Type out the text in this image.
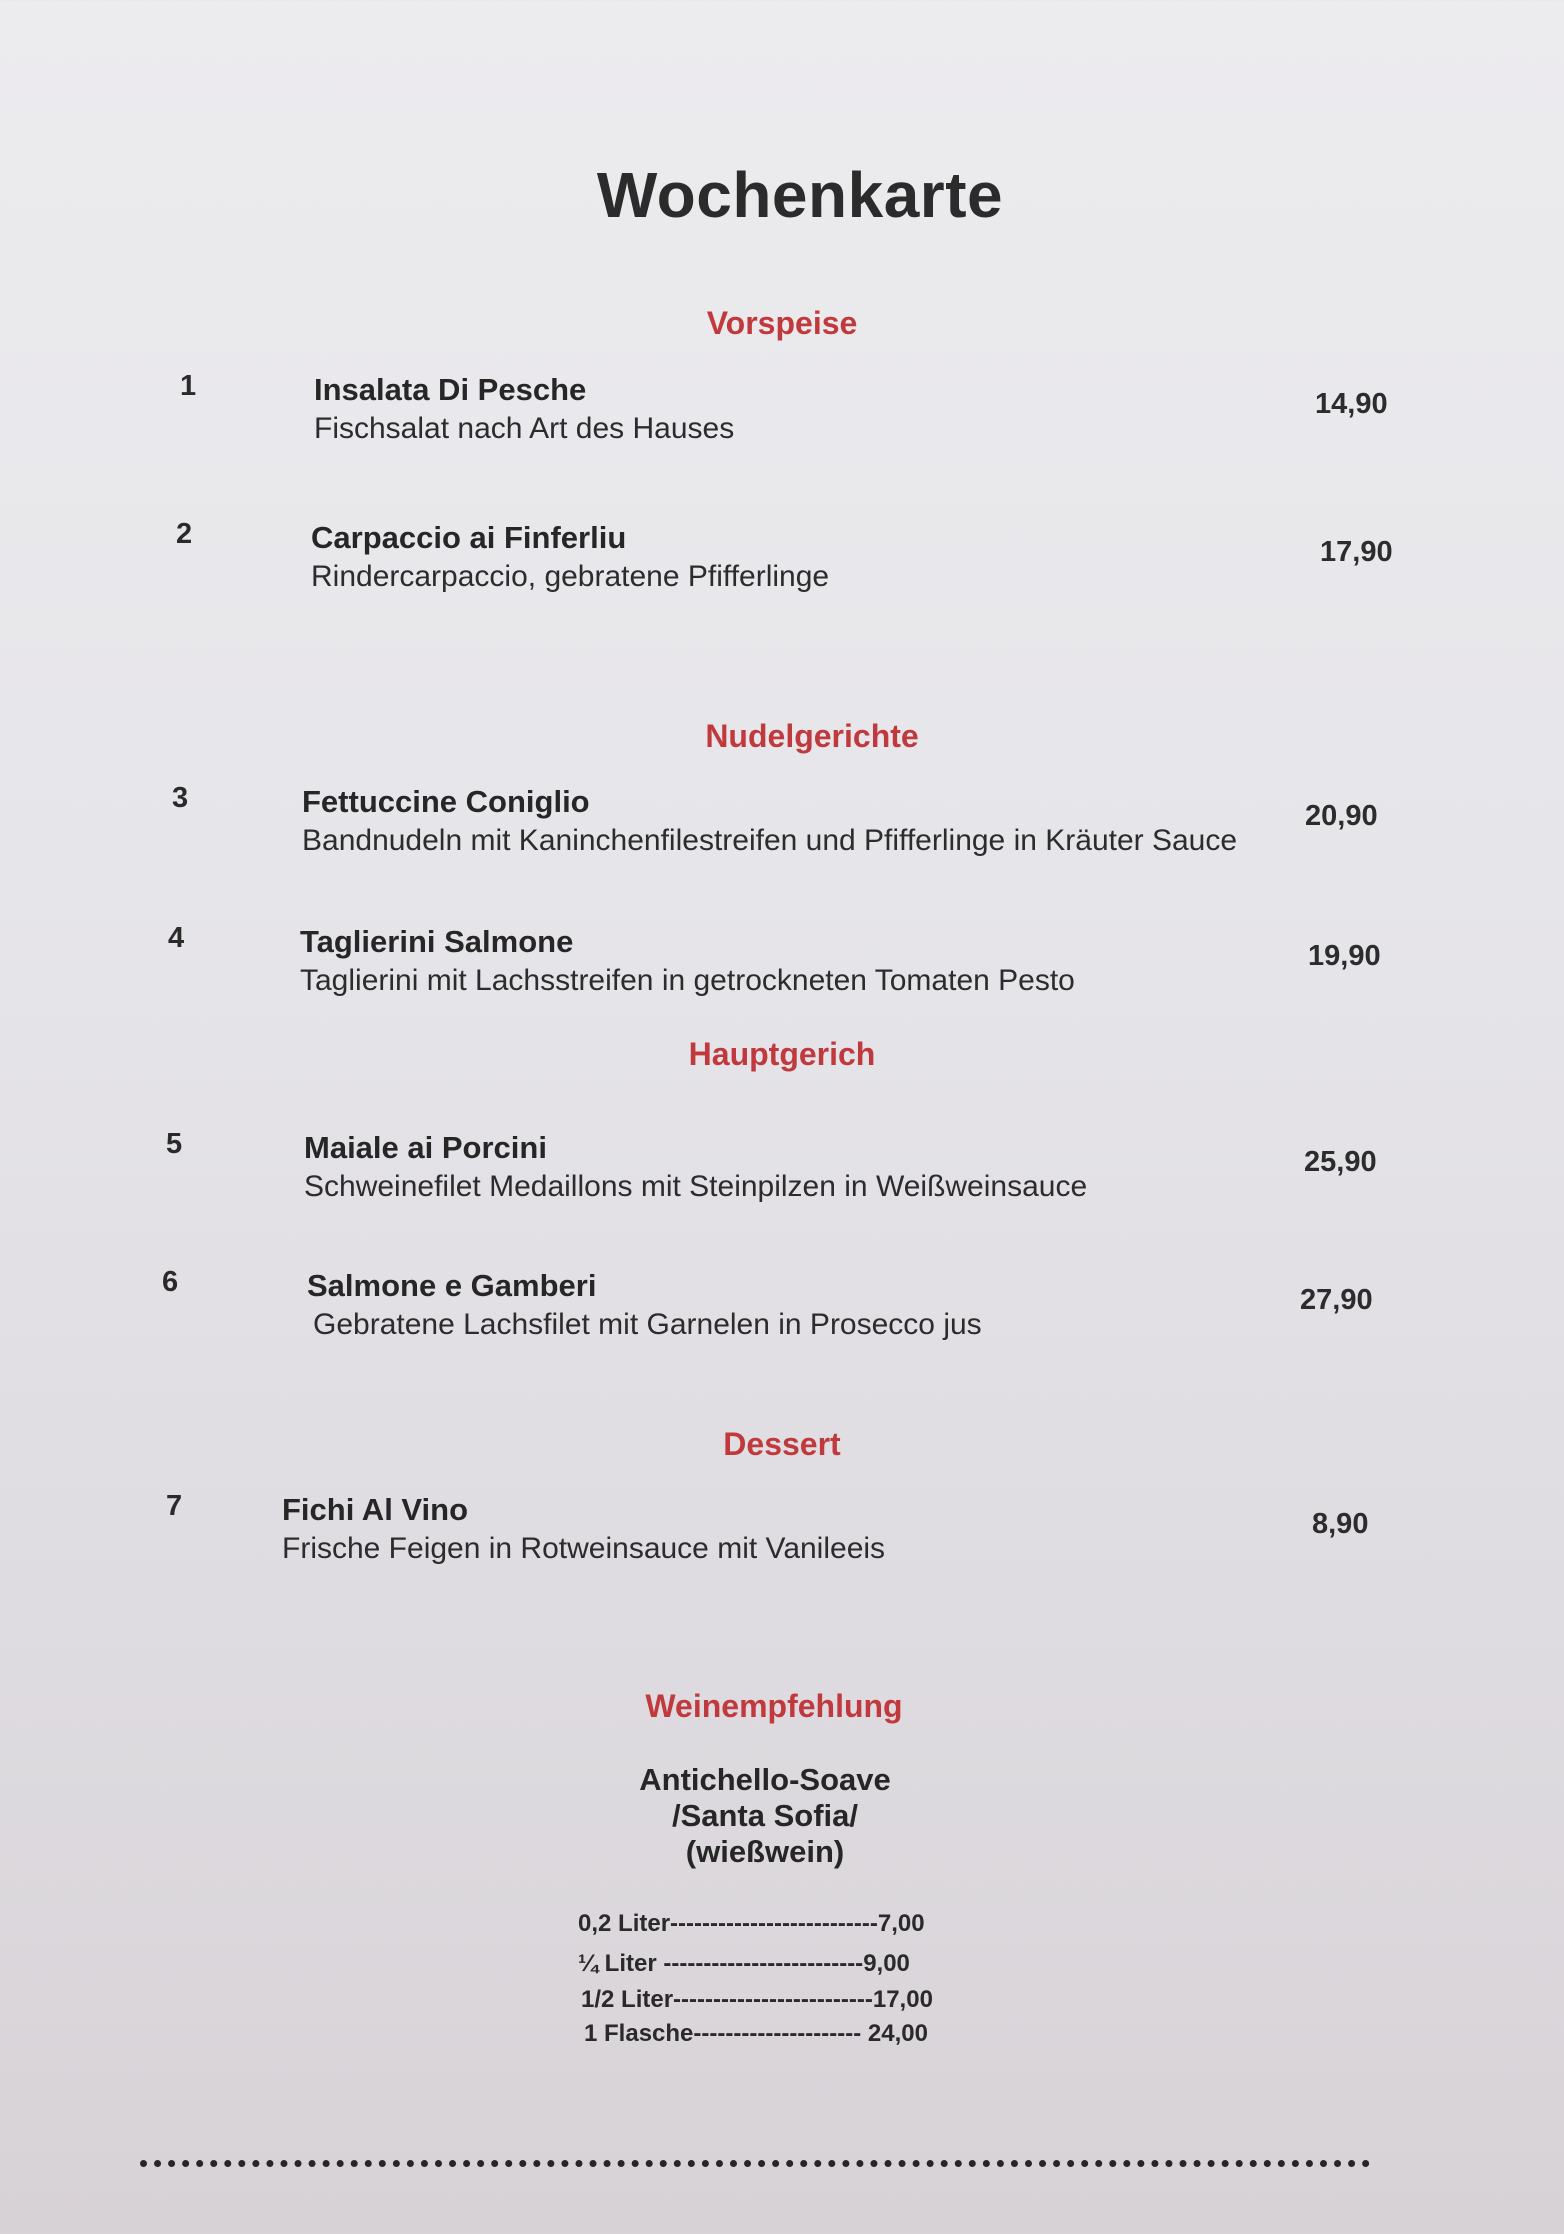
Wochenkarte
Vorspeise
1	Insalata Di Pesche
Fischsalat nach Art des Hauses
14,90
2	Carpaccio ai Finferliu
Rindercarpaccio, gebratene Pfifferlinge
17,90
Nudelgerichte
3	Fettuccine Coniglio
Bandnudeln mit Kaninchenfilestreifen und Pfifferlinge in Kräuter Sauce
20,90
4	Taglierini Salmone
Taglierini mit Lachsstreifen in getrockneten Tomaten Pesto
19,90
Hauptgerich
5	Maiale ai Porcini
Schweinefilet Medaillons mit Steinpilzen in Weißweinsauce
25,90
6	Salmone e Gamberi
Gebratene Lachsfilet mit Garnelen in Prosecco jus
27,90
Dessert
7	Fichi Al Vino
Frische Feigen in Rotweinsauce mit Vanileeis
8,90
Weinempfehlung
Antichello-Soave
/Santa Sofia/
(wießwein)
0,2 Liter--------------------------7,00
¼ Liter -------------------------9,00
1/2 Liter-------------------------17,00
1 Flasche--------------------- 24,00
